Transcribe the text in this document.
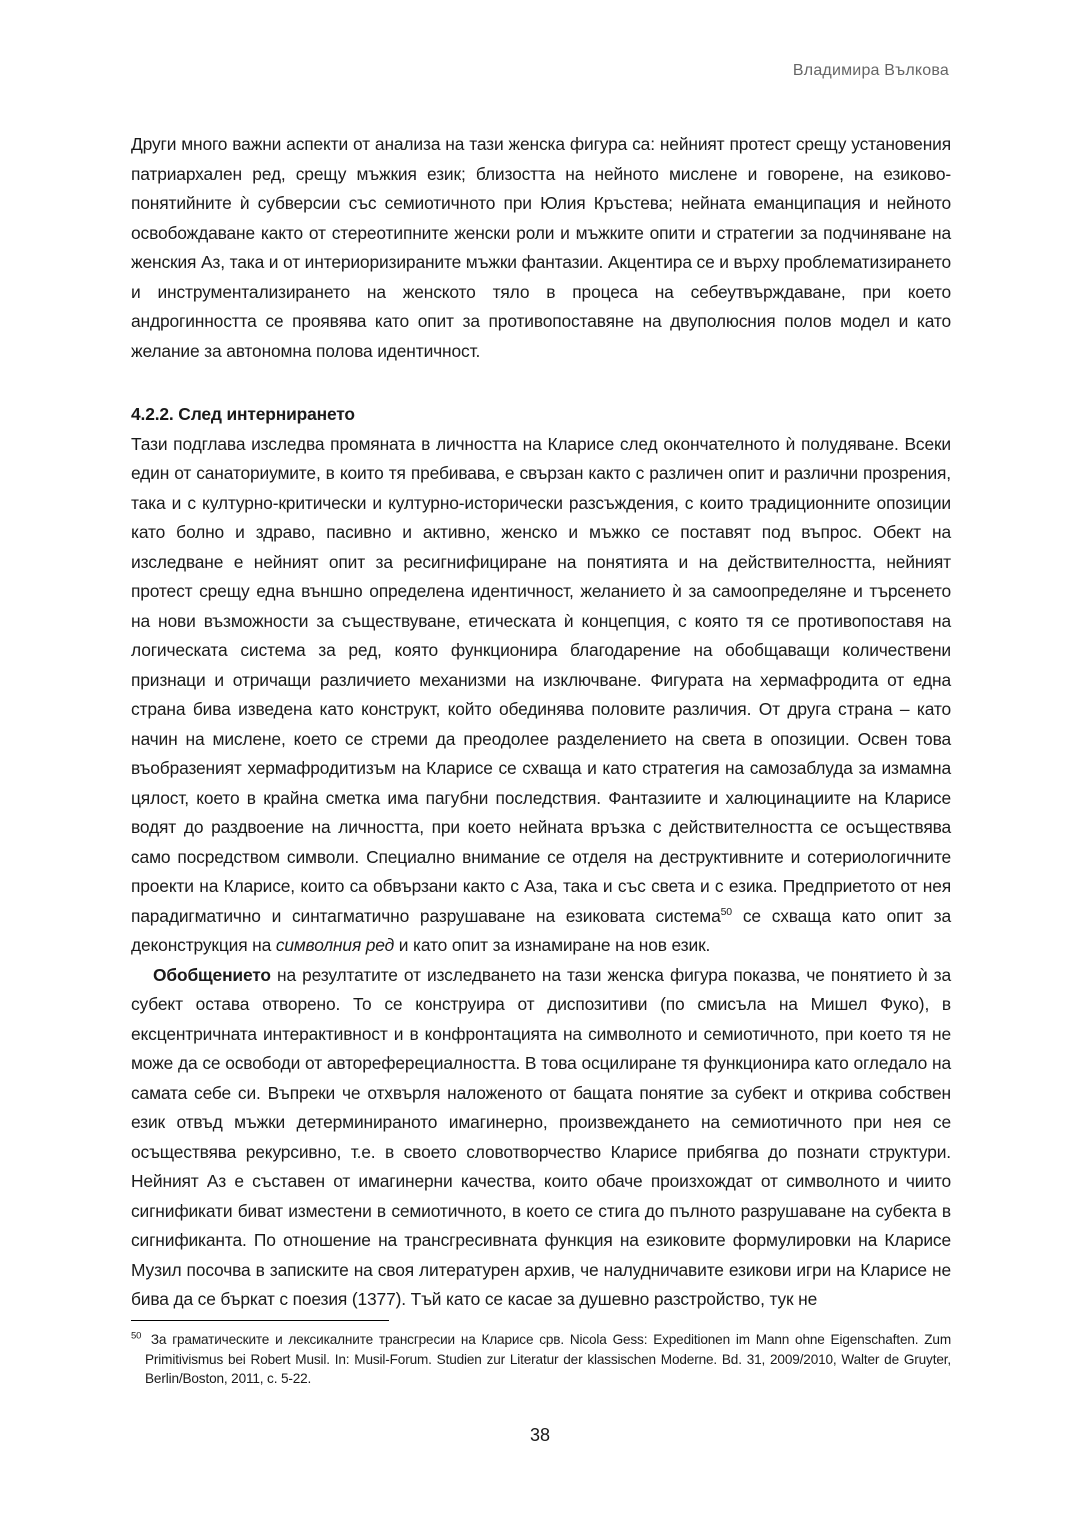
Владимира Вълкова

Други много важни аспекти от анализа на тази женска фигура са: нейният протест срещу установения патриархален ред, срещу мъжкия език; близостта на нейното мислене и говорене, на езиково-понятийните ѝ субверсии със семиотичното при Юлия Кръстева; нейната еманципация и нейното освобождаване както от стереотипните женски роли и мъжките опити и стратегии за подчиняване на женския Аз, така и от интериоризираните мъжки фантазии. Акцентира се и върху проблематизирането и инструментализирането на женското тяло в процеса на себеутвърждаване, при което андрогинността се проявява като опит за противопоставяне на двуполюсния полов модел и като желание за автономна полова идентичност.

4.2.2. След интернирането

Тази подглава изследва промяната в личността на Кларисе след окончателното ѝ полудяване. Всеки един от санаториумите, в които тя пребивава, е свързан както с различен опит и различни прозрения, така и с културно-критически и културно-исторически разсъждения, с които традиционните опозиции като болно и здраво, пасивно и активно, женско и мъжко се поставят под въпрос. Обект на изследване е нейният опит за ресигнифициране на понятията и на действителността, нейният протест срещу една външно определена идентичност, желанието ѝ за самоопределяне и търсенето на нови възможности за съществуване, етическата ѝ концепция, с която тя се противопоставя на логическата система за ред, която функционира благодарение на обобщаващи количествени признаци и отричащи различието механизми на изключване. Фигурата на хермафродита от една страна бива изведена като конструкт, който обединява половите различия. От друга страна – като начин на мислене, което се стреми да преодолее разделението на света в опозиции. Освен това въобразеният хермафродитизъм на Кларисе се схваща и като стратегия на самозаблуда за измамна цялост, което в крайна сметка има пагубни последствия. Фантазиите и халюцинациите на Кларисе водят до раздвоение на личността, при което нейната връзка с действителността се осъществява само посредством символи. Специално внимание се отделя на деструктивните и сотериологичните проекти на Кларисе, които са обвързани както с Аза, така и със света и с езика. Предприетото от нея парадигматично и синтагматично разрушаване на езиковата система$^{50}$ се схваща като опит за деконструкция на символния ред и като опит за изнамиране на нов език.

Обобщението на резултатите от изследването на тази женска фигура показва, че понятието ѝ за субект остава отворено. То се конструира от диспозитиви (по смисъла на Мишел Фуко), в ексцентричната интерактивност и в конфронтацията на символното и семиотичното, при което тя не може да се освободи от автореферециалността. В това осцилиране тя функционира като огледало на самата себе си. Въпреки че отхвърля наложеното от бащата понятие за субект и открива собствен език отвъд мъжки детерминираното имагинерно, произвеждането на семиотичното при нея се осъществява рекурсивно, т.е. в своето словотворчество Кларисе прибягва до познати структури. Нейният Аз е съставен от имагинерни качества, които обаче произхождат от символното и чиито сигнификати биват изместени в семиотичното, в което се стига до пълното разрушаване на субекта в сигнификанта. По отношение на трансгресивната функция на езиковите формулировки на Кларисе Музил посочва в записките на своя литературен архив, че налудничавите езикови игри на Кларисе не бива да се бъркат с поезия (1377). Тъй като се касае за душевно разстройство, тук не

$^{50}$ За граматическите и лексикалните трансгресии на Кларисе срв. Nicola Gess: Expeditionen im Mann ohne Eigenschaften. Zum Primitivismus bei Robert Musil. In: Musil-Forum. Studien zur Literatur der klassischen Moderne. Bd. 31, 2009/2010, Walter de Gruyter, Berlin/Boston, 2011, с. 5-22.
38
